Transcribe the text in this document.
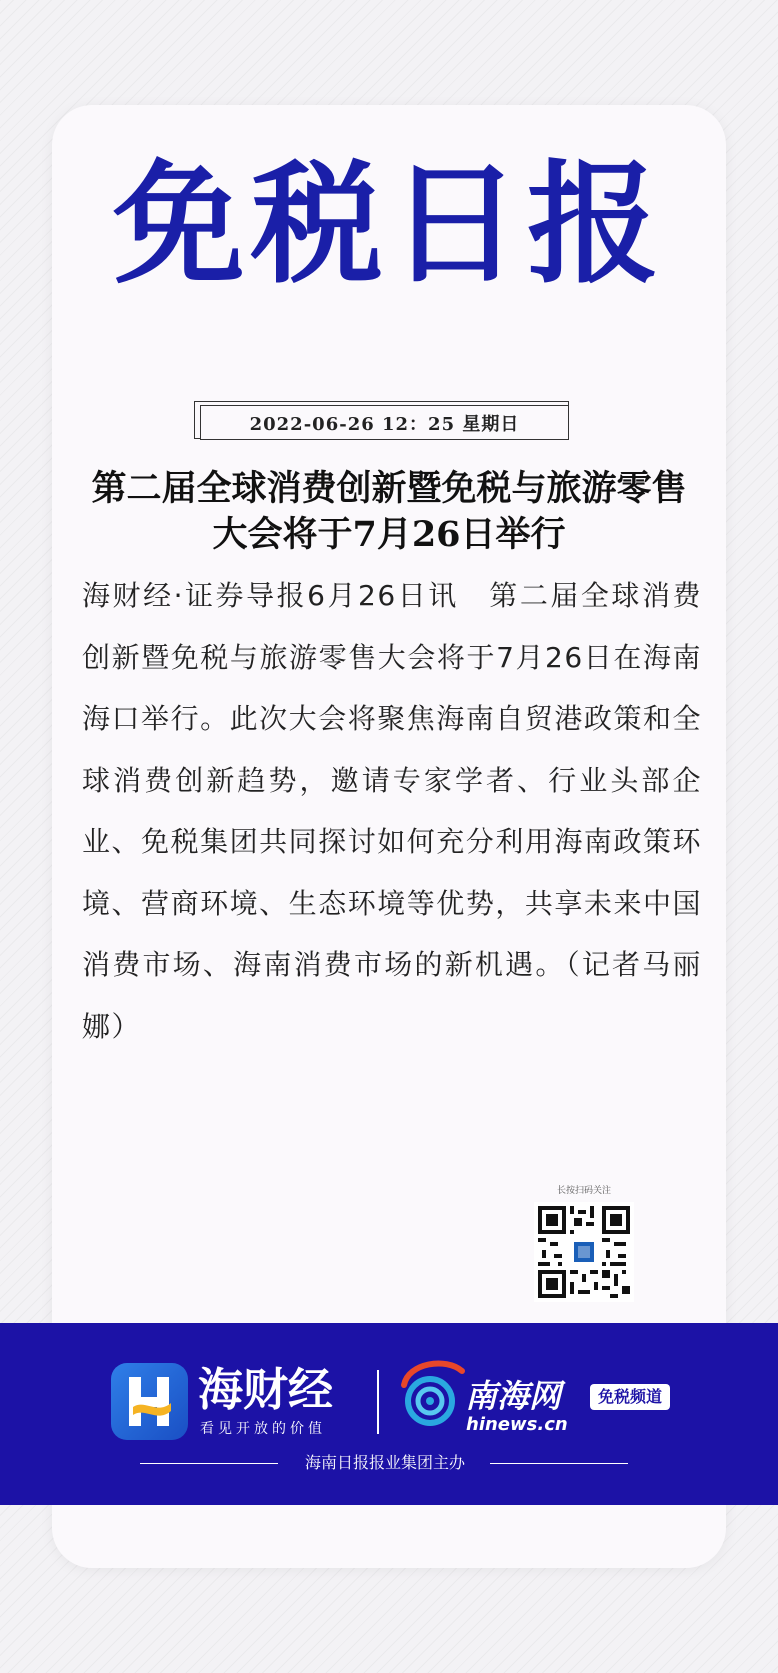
免税日报
2022-06-26 12：25 星期日
第二届全球消费创新暨免税与旅游零售
大会将于7月26日举行

海财经·证券导报6月26日讯　第二届全球消费创新暨免税与旅游零售大会将于7月26日在海南海口举行。此次大会将聚焦海南自贸港政策和全球消费创新趋势，邀请专家学者、行业头部企业、免税集团共同探讨如何充分利用海南政策环境、营商环境、生态环境等优势，共享未来中国消费市场、海南消费市场的新机遇。（记者马丽娜）

长按扫码关注
海财经
看见开放的价值
南海网
hinews.cn
免税频道
海南日报报业集团主办
